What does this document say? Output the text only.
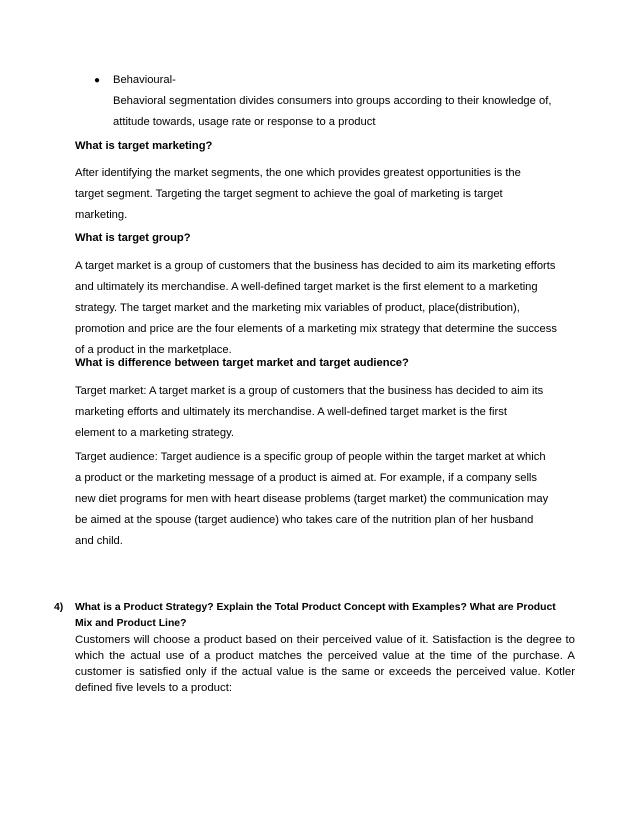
● Behavioural-
Behavioral segmentation divides consumers into groups according to their knowledge of, attitude towards, usage rate or response to a product
What is target marketing?
After identifying the market segments, the one which provides greatest opportunities is the target segment. Targeting the target segment to achieve the goal of marketing is target marketing.
What is target group?
A target market is a group of customers that the business has decided to aim its marketing efforts and ultimately its merchandise. A well-defined target market is the first element to a marketing strategy. The target market and the marketing mix variables of product, place(distribution), promotion and price are the four elements of a marketing mix strategy that determine the success of a product in the marketplace.
What is difference between target market and target audience?
Target market: A target market is a group of customers that the business has decided to aim its marketing efforts and ultimately its merchandise. A well-defined target market is the first element to a marketing strategy.
Target audience: Target audience is a specific group of people within the target market at which a product or the marketing message of a product is aimed at. For example, if a company sells new diet programs for men with heart disease problems (target market) the communication may be aimed at the spouse (target audience) who takes care of the nutrition plan of her husband and child.
4)	What is a Product Strategy? Explain the Total Product Concept with Examples? What are Product Mix and Product Line?
Customers will choose a product based on their perceived value of it. Satisfaction is the degree to which the actual use of a product matches the perceived value at the time of the purchase. A customer is satisfied only if the actual value is the same or exceeds the perceived value. Kotler defined five levels to a product:
